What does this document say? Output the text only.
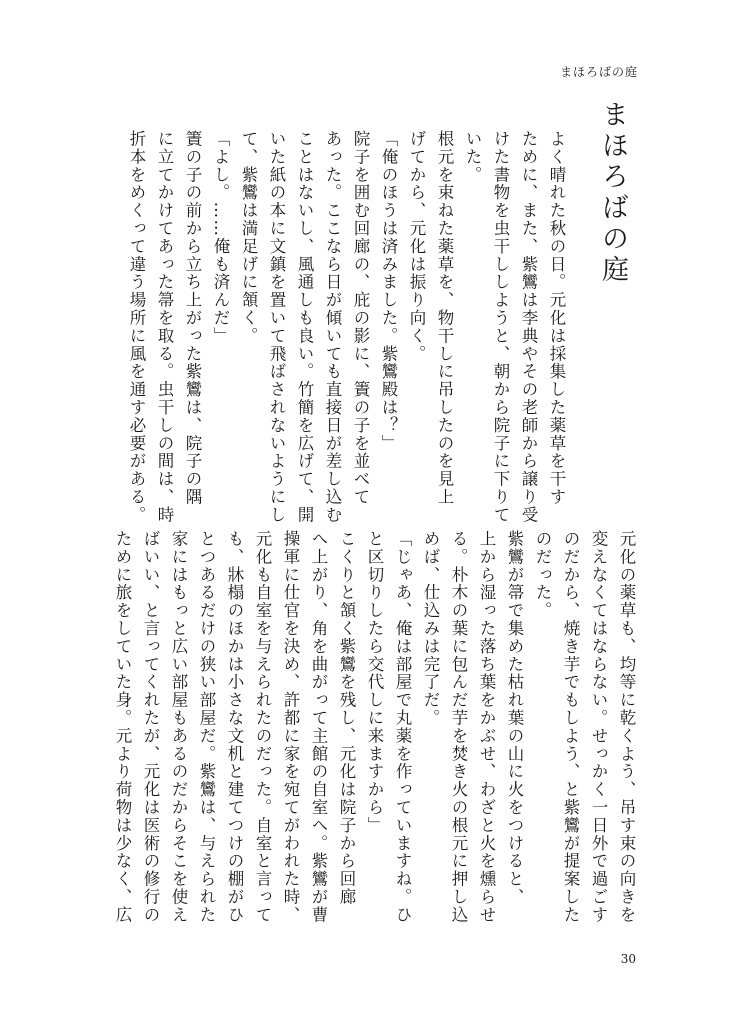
まほろばの庭
まほろばの庭
よく晴れた秋の日。元化は採集した薬草を干す
ために、また、紫鸞は李典やその老師から譲り受
けた書物を虫干ししようと、朝から院子に下りて
いた。
根元を束ねた薬草を、物干しに吊したのを見上
げてから、元化は振り向く。
「俺のほうは済みました。紫鸞殿は？」
院子を囲む回廊の、庇の影に、簀の子を並べて
あった。ここなら日が傾いても直接日が差し込む
ことはないし、風通しも良い。竹簡を広げて、開
いた紙の本に文鎮を置いて飛ばされないようにし
て、紫鸞は満足げに頷く。
「よし。……俺も済んだ」
簀の子の前から立ち上がった紫鸞は、院子の隅
に立てかけてあった箒を取る。虫干しの間は、時
折本をめくって違う場所に風を通す必要がある。
元化の薬草も、均等に乾くよう、吊す束の向きを
変えなくてはならない。せっかく一日外で過ごす
のだから、焼き芋でもしよう、と紫鸞が提案した
のだった。
紫鸞が箒で集めた枯れ葉の山に火をつけると、
上から湿った落ち葉をかぶせ、わざと火を燻らせ
る。朴木の葉に包んだ芋を焚き火の根元に押し込
めば、仕込みは完了だ。
「じゃあ、俺は部屋で丸薬を作っていますね。ひ
と区切りしたら交代しに来ますから」
こくりと頷く紫鸞を残し、元化は院子から回廊
へ上がり、角を曲がって主館の自室へ。紫鸞が曹
操軍に仕官を決め、許都に家を宛てがわれた時、
元化も自室を与えられたのだった。自室と言って
も、牀榻のほかは小さな文机と建てつけの棚がひ
とつあるだけの狭い部屋だ。紫鸞は、与えられた
家にはもっと広い部屋もあるのだからそこを使え
ばいい、と言ってくれたが、元化は医術の修行の
ために旅をしていた身。元より荷物は少なく、広
30
